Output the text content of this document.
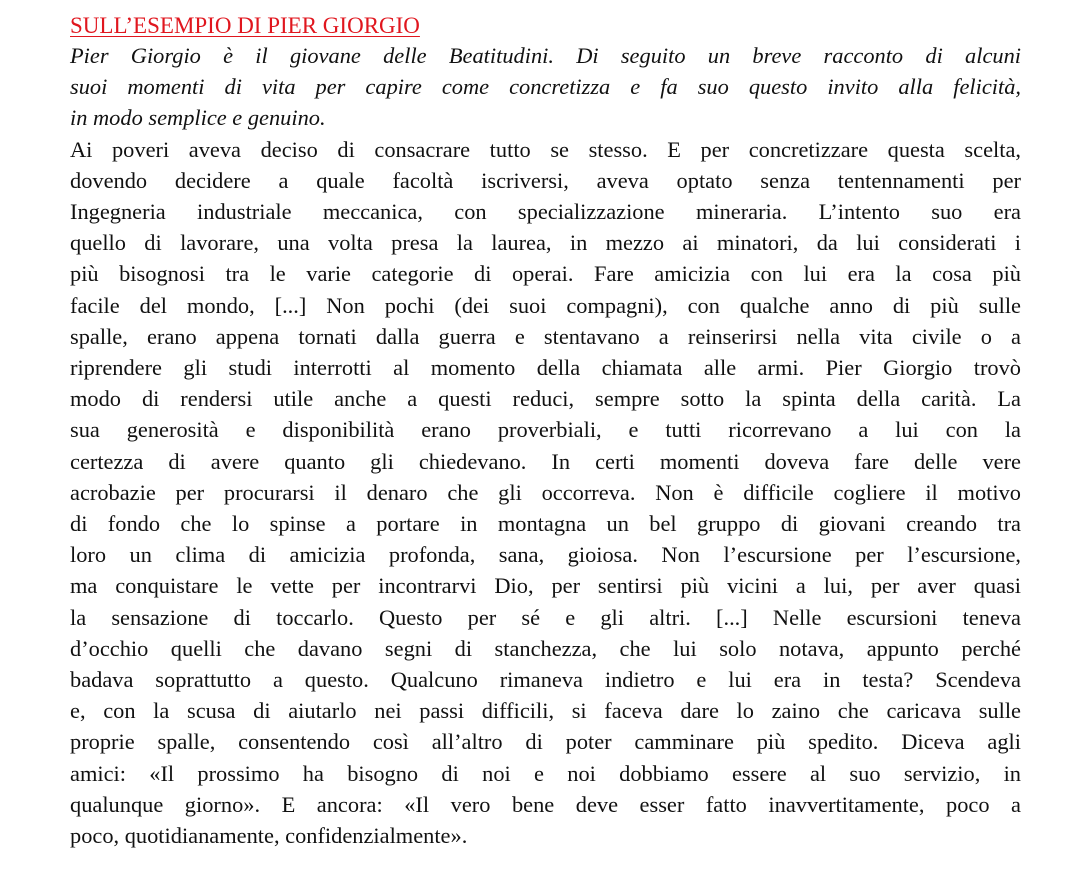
SULL’ESEMPIO DI PIER GIORGIO

Pier Giorgio è il giovane delle Beatitudini. Di seguito un breve racconto di alcuni
suoi momenti di vita per capire come concretizza e fa suo questo invito alla felicità,
in modo semplice e genuino.

Ai poveri aveva deciso di consacrare tutto se stesso. E per concretizzare questa scelta,
dovendo decidere a quale facoltà iscriversi, aveva optato senza tentennamenti per
Ingegneria industriale meccanica, con specializzazione mineraria. L’intento suo era
quello di lavorare, una volta presa la laurea, in mezzo ai minatori, da lui considerati i
più bisognosi tra le varie categorie di operai. Fare amicizia con lui era la cosa più
facile del mondo, [...] Non pochi (dei suoi compagni), con qualche anno di più sulle
spalle, erano appena tornati dalla guerra e stentavano a reinserirsi nella vita civile o a
riprendere gli studi interrotti al momento della chiamata alle armi. Pier Giorgio trovò
modo di rendersi utile anche a questi reduci, sempre sotto la spinta della carità. La
sua generosità e disponibilità erano proverbiali, e tutti ricorrevano a lui con la
certezza di avere quanto gli chiedevano. In certi momenti doveva fare delle vere
acrobazie per procurarsi il denaro che gli occorreva. Non è difficile cogliere il motivo
di fondo che lo spinse a portare in montagna un bel gruppo di giovani creando tra
loro un clima di amicizia profonda, sana, gioiosa. Non l’escursione per l’escursione,
ma conquistare le vette per incontrarvi Dio, per sentirsi più vicini a lui, per aver quasi
la sensazione di toccarlo. Questo per sé e gli altri. [...] Nelle escursioni teneva
d’occhio quelli che davano segni di stanchezza, che lui solo notava, appunto perché
badava soprattutto a questo. Qualcuno rimaneva indietro e lui era in testa? Scendeva
e, con la scusa di aiutarlo nei passi difficili, si faceva dare lo zaino che caricava sulle
proprie spalle, consentendo così all’altro di poter camminare più spedito. Diceva agli
amici: «Il prossimo ha bisogno di noi e noi dobbiamo essere al suo servizio, in
qualunque giorno». E ancora: «Il vero bene deve esser fatto inavvertitamente, poco a
poco, quotidianamente, confidenzialmente».
